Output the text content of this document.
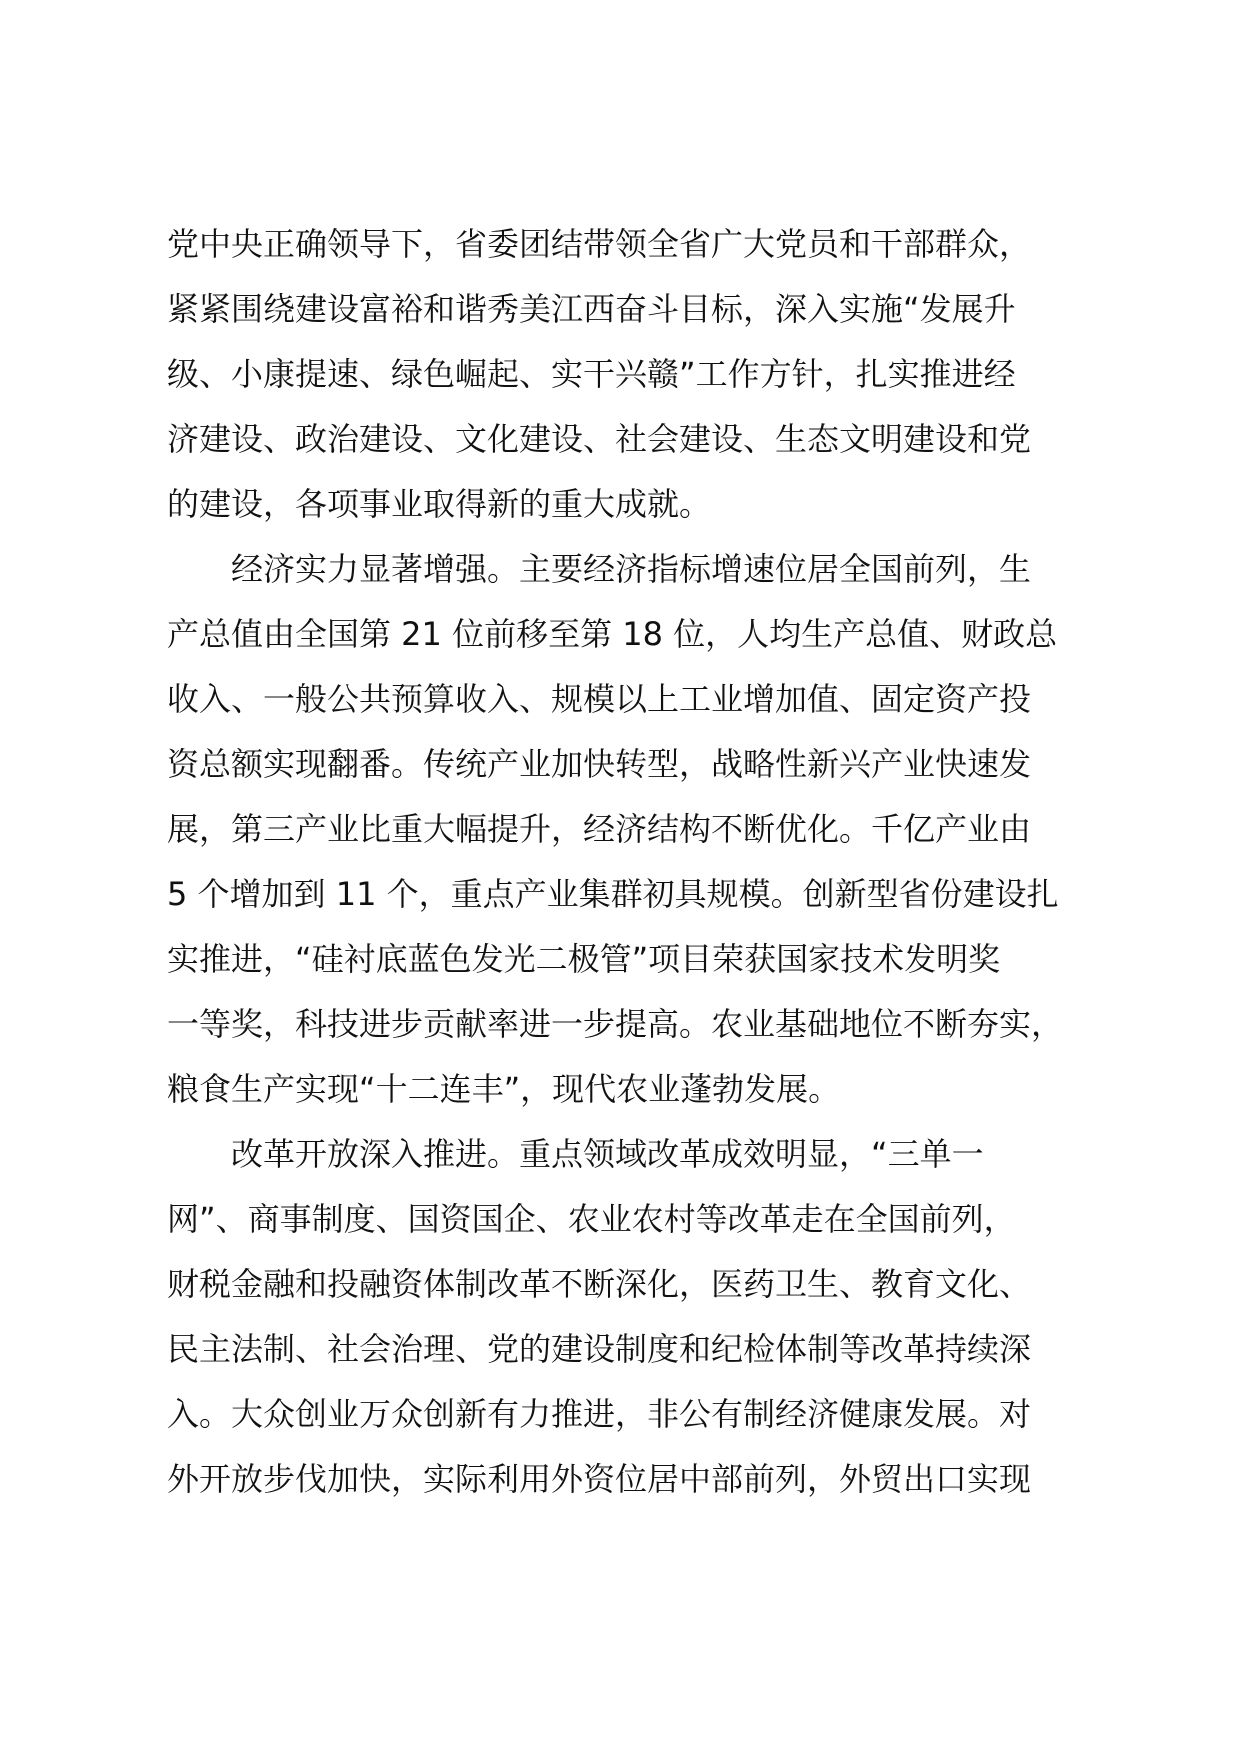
党中央正确领导下，省委团结带领全省广大党员和干部群众，
紧紧围绕建设富裕和谐秀美江西奋斗目标，深入实施“发展升
级、小康提速、绿色崛起、实干兴赣”工作方针，扎实推进经
济建设、政治建设、文化建设、社会建设、生态文明建设和党
的建设，各项事业取得新的重大成就。
经济实力显著增强。主要经济指标增速位居全国前列，生
产总值由全国第 21 位前移至第 18 位，人均生产总值、财政总
收入、一般公共预算收入、规模以上工业增加值、固定资产投
资总额实现翻番。传统产业加快转型，战略性新兴产业快速发
展，第三产业比重大幅提升，经济结构不断优化。千亿产业由
5 个增加到 11 个，重点产业集群初具规模。创新型省份建设扎
实推进，“硅衬底蓝色发光二极管”项目荣获国家技术发明奖
一等奖，科技进步贡献率进一步提高。农业基础地位不断夯实，
粮食生产实现“十二连丰”，现代农业蓬勃发展。
改革开放深入推进。重点领域改革成效明显，“三单一
网”、商事制度、国资国企、农业农村等改革走在全国前列，
财税金融和投融资体制改革不断深化，医药卫生、教育文化、
民主法制、社会治理、党的建设制度和纪检体制等改革持续深
入。大众创业万众创新有力推进，非公有制经济健康发展。对
外开放步伐加快，实际利用外资位居中部前列，外贸出口实现
